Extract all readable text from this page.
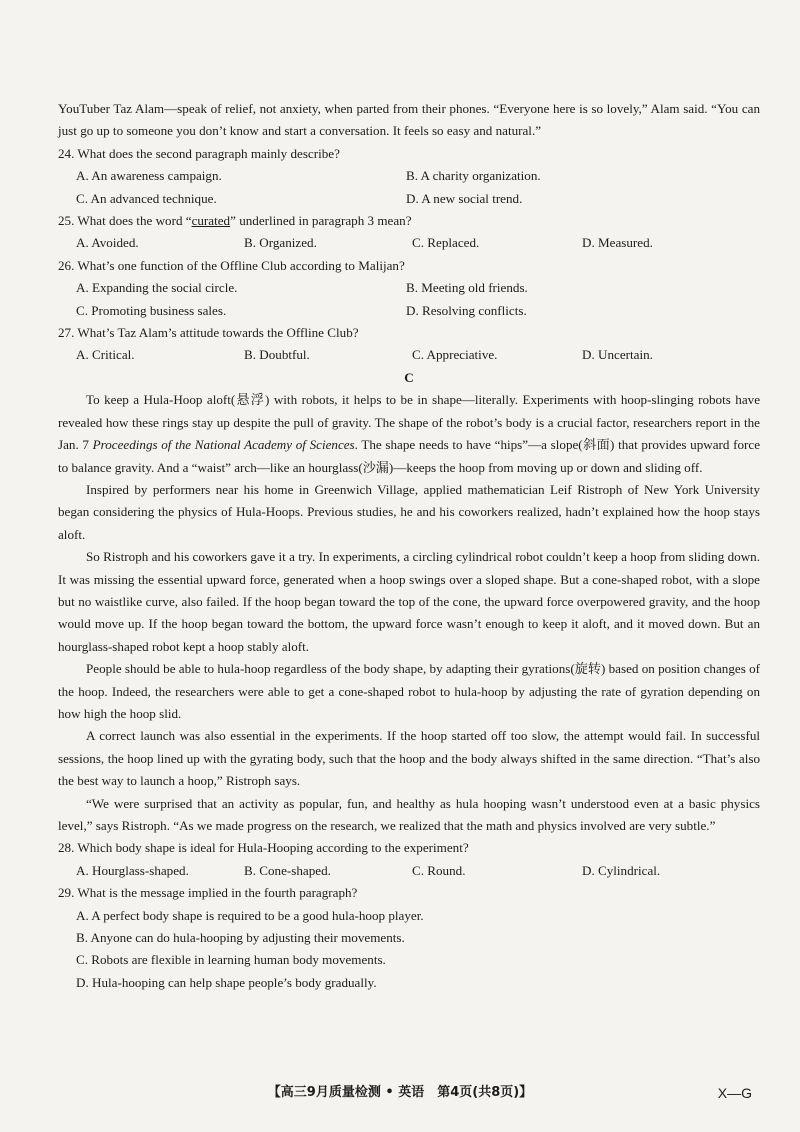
YouTuber Taz Alam—speak of relief, not anxiety, when parted from their phones. “Everyone here is so lovely,” Alam said. “You can just go up to someone you don’t know and start a conversation. It feels so easy and natural.”

24. What does the second paragraph mainly describe?

A. An awareness campaign.	B. A charity organization.
C. An advanced technique.	D. A new social trend.

25. What does the word “curated” underlined in paragraph 3 mean?

A. Avoided.	B. Organized.	C. Replaced.	D. Measured.

26. What’s one function of the Offline Club according to Malijan?

A. Expanding the social circle.	B. Meeting old friends.
C. Promoting business sales.	D. Resolving conflicts.

27. What’s Taz Alam’s attitude towards the Offline Club?

A. Critical.	B. Doubtful.	C. Appreciative.	D. Uncertain.

C

To keep a Hula-Hoop aloft(悬浮) with robots, it helps to be in shape—literally. Experiments with hoop-slinging robots have revealed how these rings stay up despite the pull of gravity. The shape of the robot’s body is a crucial factor, researchers report in the Jan. 7 Proceedings of the National Academy of Sciences. The shape needs to have “hips”—a slope(斜面) that provides upward force to balance gravity. And a “waist” arch—like an hourglass(沙漏)—keeps the hoop from moving up or down and sliding off.

Inspired by performers near his home in Greenwich Village, applied mathematician Leif Ristroph of New York University began considering the physics of Hula-Hoops. Previous studies, he and his coworkers realized, hadn’t explained how the hoop stays aloft.

So Ristroph and his coworkers gave it a try. In experiments, a circling cylindrical robot couldn’t keep a hoop from sliding down. It was missing the essential upward force, generated when a hoop swings over a sloped shape. But a cone-shaped robot, with a slope but no waistlike curve, also failed. If the hoop began toward the top of the cone, the upward force overpowered gravity, and the hoop would move up. If the hoop began toward the bottom, the upward force wasn’t enough to keep it aloft, and it moved down. But an hourglass-shaped robot kept a hoop stably aloft.

People should be able to hula-hoop regardless of the body shape, by adapting their gyrations(旋转) based on position changes of the hoop. Indeed, the researchers were able to get a cone-shaped robot to hula-hoop by adjusting the rate of gyration depending on how high the hoop slid.

A correct launch was also essential in the experiments. If the hoop started off too slow, the attempt would fail. In successful sessions, the hoop lined up with the gyrating body, such that the hoop and the body always shifted in the same direction. “That’s also the best way to launch a hoop,” Ristroph says.

“We were surprised that an activity as popular, fun, and healthy as hula hooping wasn’t understood even at a basic physics level,” says Ristroph. “As we made progress on the research, we realized that the math and physics involved are very subtle.”

28. Which body shape is ideal for Hula-Hooping according to the experiment?

A. Hourglass-shaped.	B. Cone-shaped.	C. Round.	D. Cylindrical.

29. What is the message implied in the fourth paragraph?

A. A perfect body shape is required to be a good hula-hoop player.
B. Anyone can do hula-hooping by adjusting their movements.
C. Robots are flexible in learning human body movements.
D. Hula-hooping can help shape people’s body gradually.
【高三9月质量检测 • 英语　第4页(共8页)】	X—G
